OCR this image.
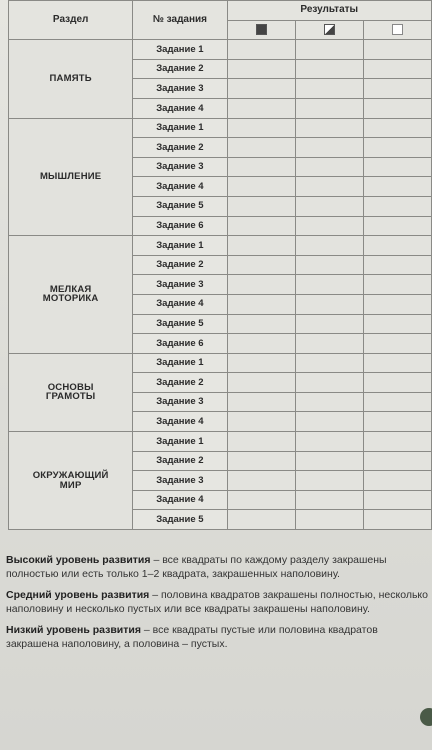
Раздел	№ задания	Результаты		

ПАМЯТЬ	Задание 1			
	Задание 2			
	Задание 3			
	Задание 4			
МЫШЛЕНИЕ	Задание 1			
	Задание 2			
	Задание 3			
	Задание 4			
	Задание 5			
	Задание 6			
МЕЛКАЯ
МОТОРИКА	Задание 1			
	Задание 2			
	Задание 3			
	Задание 4			
	Задание 5			
	Задание 6			
ОСНОВЫ
ГРАМОТЫ	Задание 1			
	Задание 2			
	Задание 3			
	Задание 4			
ОКРУЖАЮЩИЙ
МИР	Задание 1			
	Задание 2			
	Задание 3			
	Задание 4			
	Задание 5			

Высокий уровень развития – все квадраты по каждому разделу закрашены полностью или есть только 1–2 квадрата, закрашенных наполовину.

Средний уровень развития – половина квадратов закрашены полностью, несколько наполовину и несколько пустых или все квадраты закрашены наполовину.

Низкий уровень развития – все квадраты пустые или половина квадратов закрашена наполовину, а половина – пустых.
